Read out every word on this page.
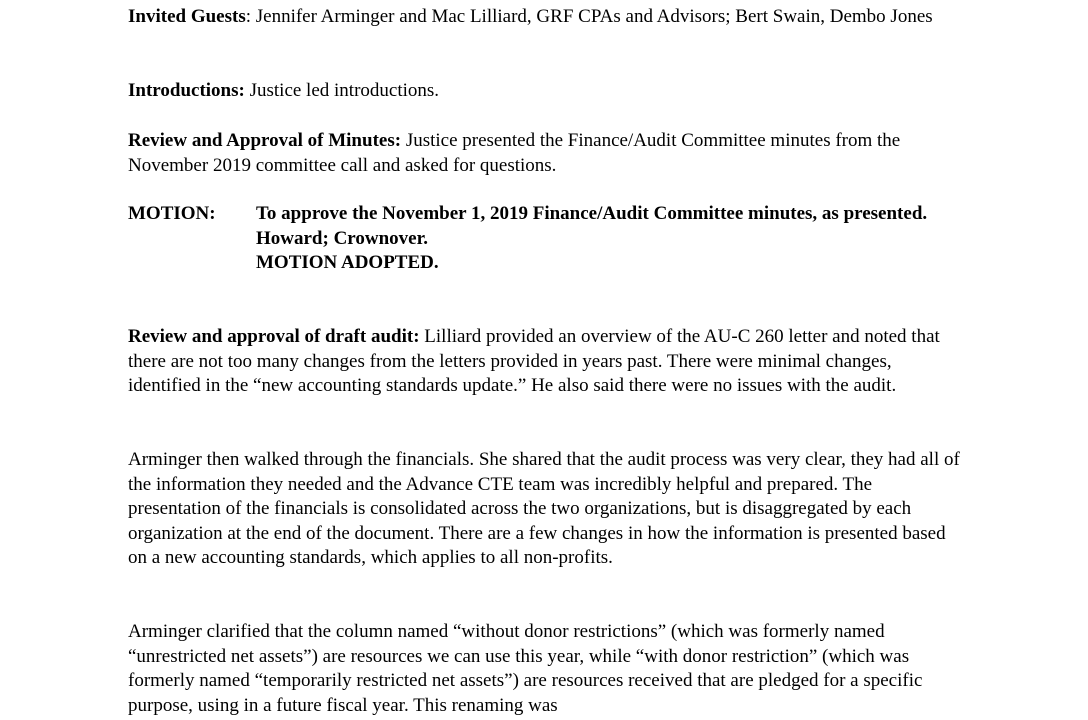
Invited Guests: Jennifer Arminger and Mac Lilliard, GRF CPAs and Advisors; Bert Swain, Dembo Jones

Introductions: Justice led introductions.

Review and Approval of Minutes: Justice presented the Finance/Audit Committee minutes from the November 2019 committee call and asked for questions.

MOTION: To approve the November 1, 2019 Finance/Audit Committee minutes, as presented.
Howard; Crownover.
MOTION ADOPTED.

Review and approval of draft audit: Lilliard provided an overview of the AU-C 260 letter and noted that there are not too many changes from the letters provided in years past. There were minimal changes, identified in the “new accounting standards update.” He also said there were no issues with the audit.

Arminger then walked through the financials. She shared that the audit process was very clear, they had all of the information they needed and the Advance CTE team was incredibly helpful and prepared. The presentation of the financials is consolidated across the two organizations, but is disaggregated by each organization at the end of the document. There are a few changes in how the information is presented based on a new accounting standards, which applies to all non-profits.

Arminger clarified that the column named “without donor restrictions” (which was formerly named “unrestricted net assets”) are resources we can use this year, while “with donor restriction” (which was formerly named “temporarily restricted net assets”) are resources received that are pledged for a specific purpose, using in a future fiscal year. This renaming was
